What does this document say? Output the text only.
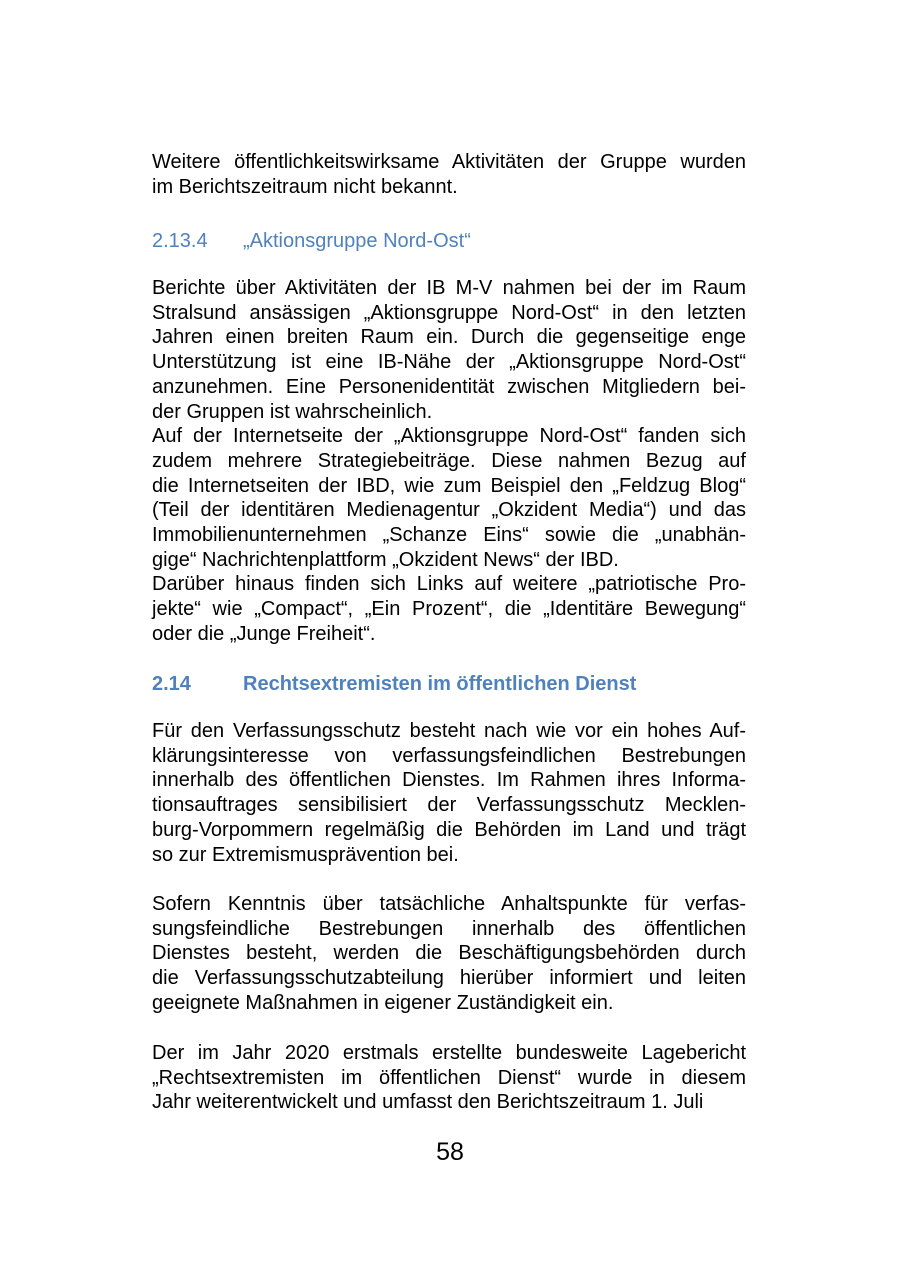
Weitere öffentlichkeitswirksame Aktivitäten der Gruppe wurden
im Berichtszeitraum nicht bekannt.
2.13.4 „Aktionsgruppe Nord-Ost“
Berichte über Aktivitäten der IB M-V nahmen bei der im Raum
Stralsund ansässigen „Aktionsgruppe Nord-Ost“ in den letzten
Jahren einen breiten Raum ein. Durch die gegenseitige enge
Unterstützung ist eine IB-Nähe der „Aktionsgruppe Nord-Ost“
anzunehmen. Eine Personenidentität zwischen Mitgliedern bei-
der Gruppen ist wahrscheinlich.
Auf der Internetseite der „Aktionsgruppe Nord-Ost“ fanden sich
zudem mehrere Strategiebeiträge. Diese nahmen Bezug auf
die Internetseiten der IBD, wie zum Beispiel den „Feldzug Blog“
(Teil der identitären Medienagentur „Okzident Media“) und das
Immobilienunternehmen „Schanze Eins“ sowie die „unabhän-
gige“ Nachrichtenplattform „Okzident News“ der IBD.
Darüber hinaus finden sich Links auf weitere „patriotische Pro-
jekte“ wie „Compact“, „Ein Prozent“, die „Identitäre Bewegung“
oder die „Junge Freiheit“.
2.14	Rechtsextremisten im öffentlichen Dienst
Für den Verfassungsschutz besteht nach wie vor ein hohes Auf-
klärungsinteresse von verfassungsfeindlichen Bestrebungen
innerhalb des öffentlichen Dienstes. Im Rahmen ihres Informa-
tionsauftrages sensibilisiert der Verfassungsschutz Mecklen-
burg-Vorpommern regelmäßig die Behörden im Land und trägt
so zur Extremismusprävention bei.
Sofern Kenntnis über tatsächliche Anhaltspunkte für verfas-
sungsfeindliche Bestrebungen innerhalb des öffentlichen
Dienstes besteht, werden die Beschäftigungsbehörden durch
die Verfassungsschutzabteilung hierüber informiert und leiten
geeignete Maßnahmen in eigener Zuständigkeit ein.
Der im Jahr 2020 erstmals erstellte bundesweite Lagebericht
„Rechtsextremisten im öffentlichen Dienst“ wurde in diesem
Jahr weiterentwickelt und umfasst den Berichtszeitraum 1. Juli
58
